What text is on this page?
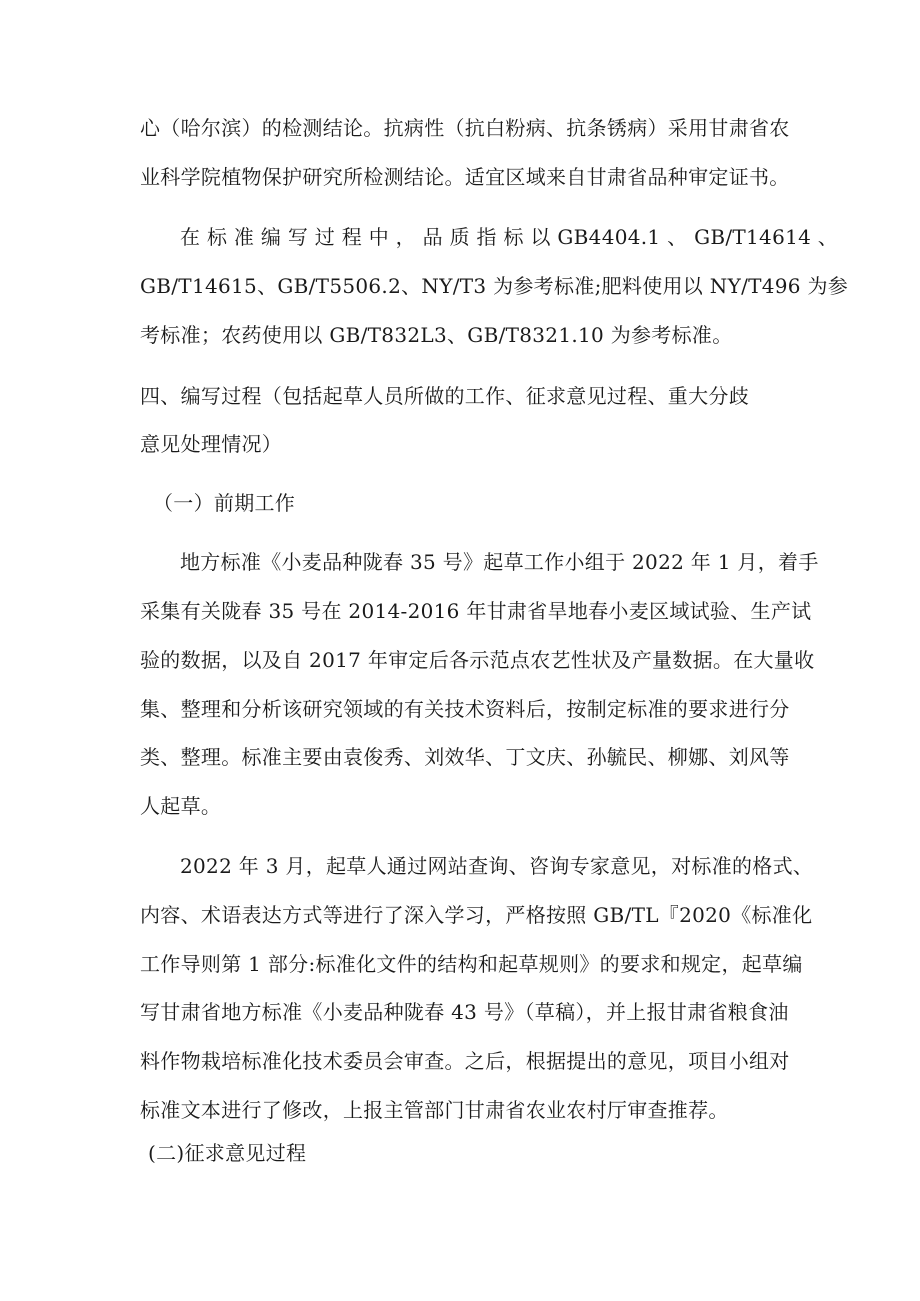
心（哈尔滨）的检测结论。抗病性（抗白粉病、抗条锈病）采用甘肃省农
业科学院植物保护研究所检测结论。适宜区域来自甘肃省品种审定证书。
在 标 准 编 写 过 程 中 ， 品 质 指 标 以 GB4404.1 、 GB/T14614 、
GB/T14615、GB/T5506.2、NY/T3 为参考标准;肥料使用以 NY/T496 为参
考标准；农药使用以 GB/T832L3、GB/T8321.10 为参考标准。
四、编写过程（包括起草人员所做的工作、征求意见过程、重大分歧
意见处理情况）
（一）前期工作
地方标准《小麦品种陇春 35 号》起草工作小组于 2022 年 1 月，着手
采集有关陇春 35 号在 2014-2016 年甘肃省旱地春小麦区域试验、生产试
验的数据，以及自 2017 年审定后各示范点农艺性状及产量数据。在大量收
集、整理和分析该研究领域的有关技术资料后，按制定标准的要求进行分
类、整理。标准主要由袁俊秀、刘效华、丁文庆、孙毓民、柳娜、刘风等
人起草。
2022 年 3 月，起草人通过网站查询、咨询专家意见，对标准的格式、
内容、术语表达方式等进行了深入学习，严格按照 GB/TL『2020《标准化
工作导则第 1 部分:标准化文件的结构和起草规则》的要求和规定，起草编
写甘肃省地方标准《小麦品种陇春 43 号》（草稿），并上报甘肃省粮食油
料作物栽培标准化技术委员会审查。之后，根据提出的意见，项目小组对
标准文本进行了修改，上报主管部门甘肃省农业农村厅审查推荐。
(二)征求意见过程
